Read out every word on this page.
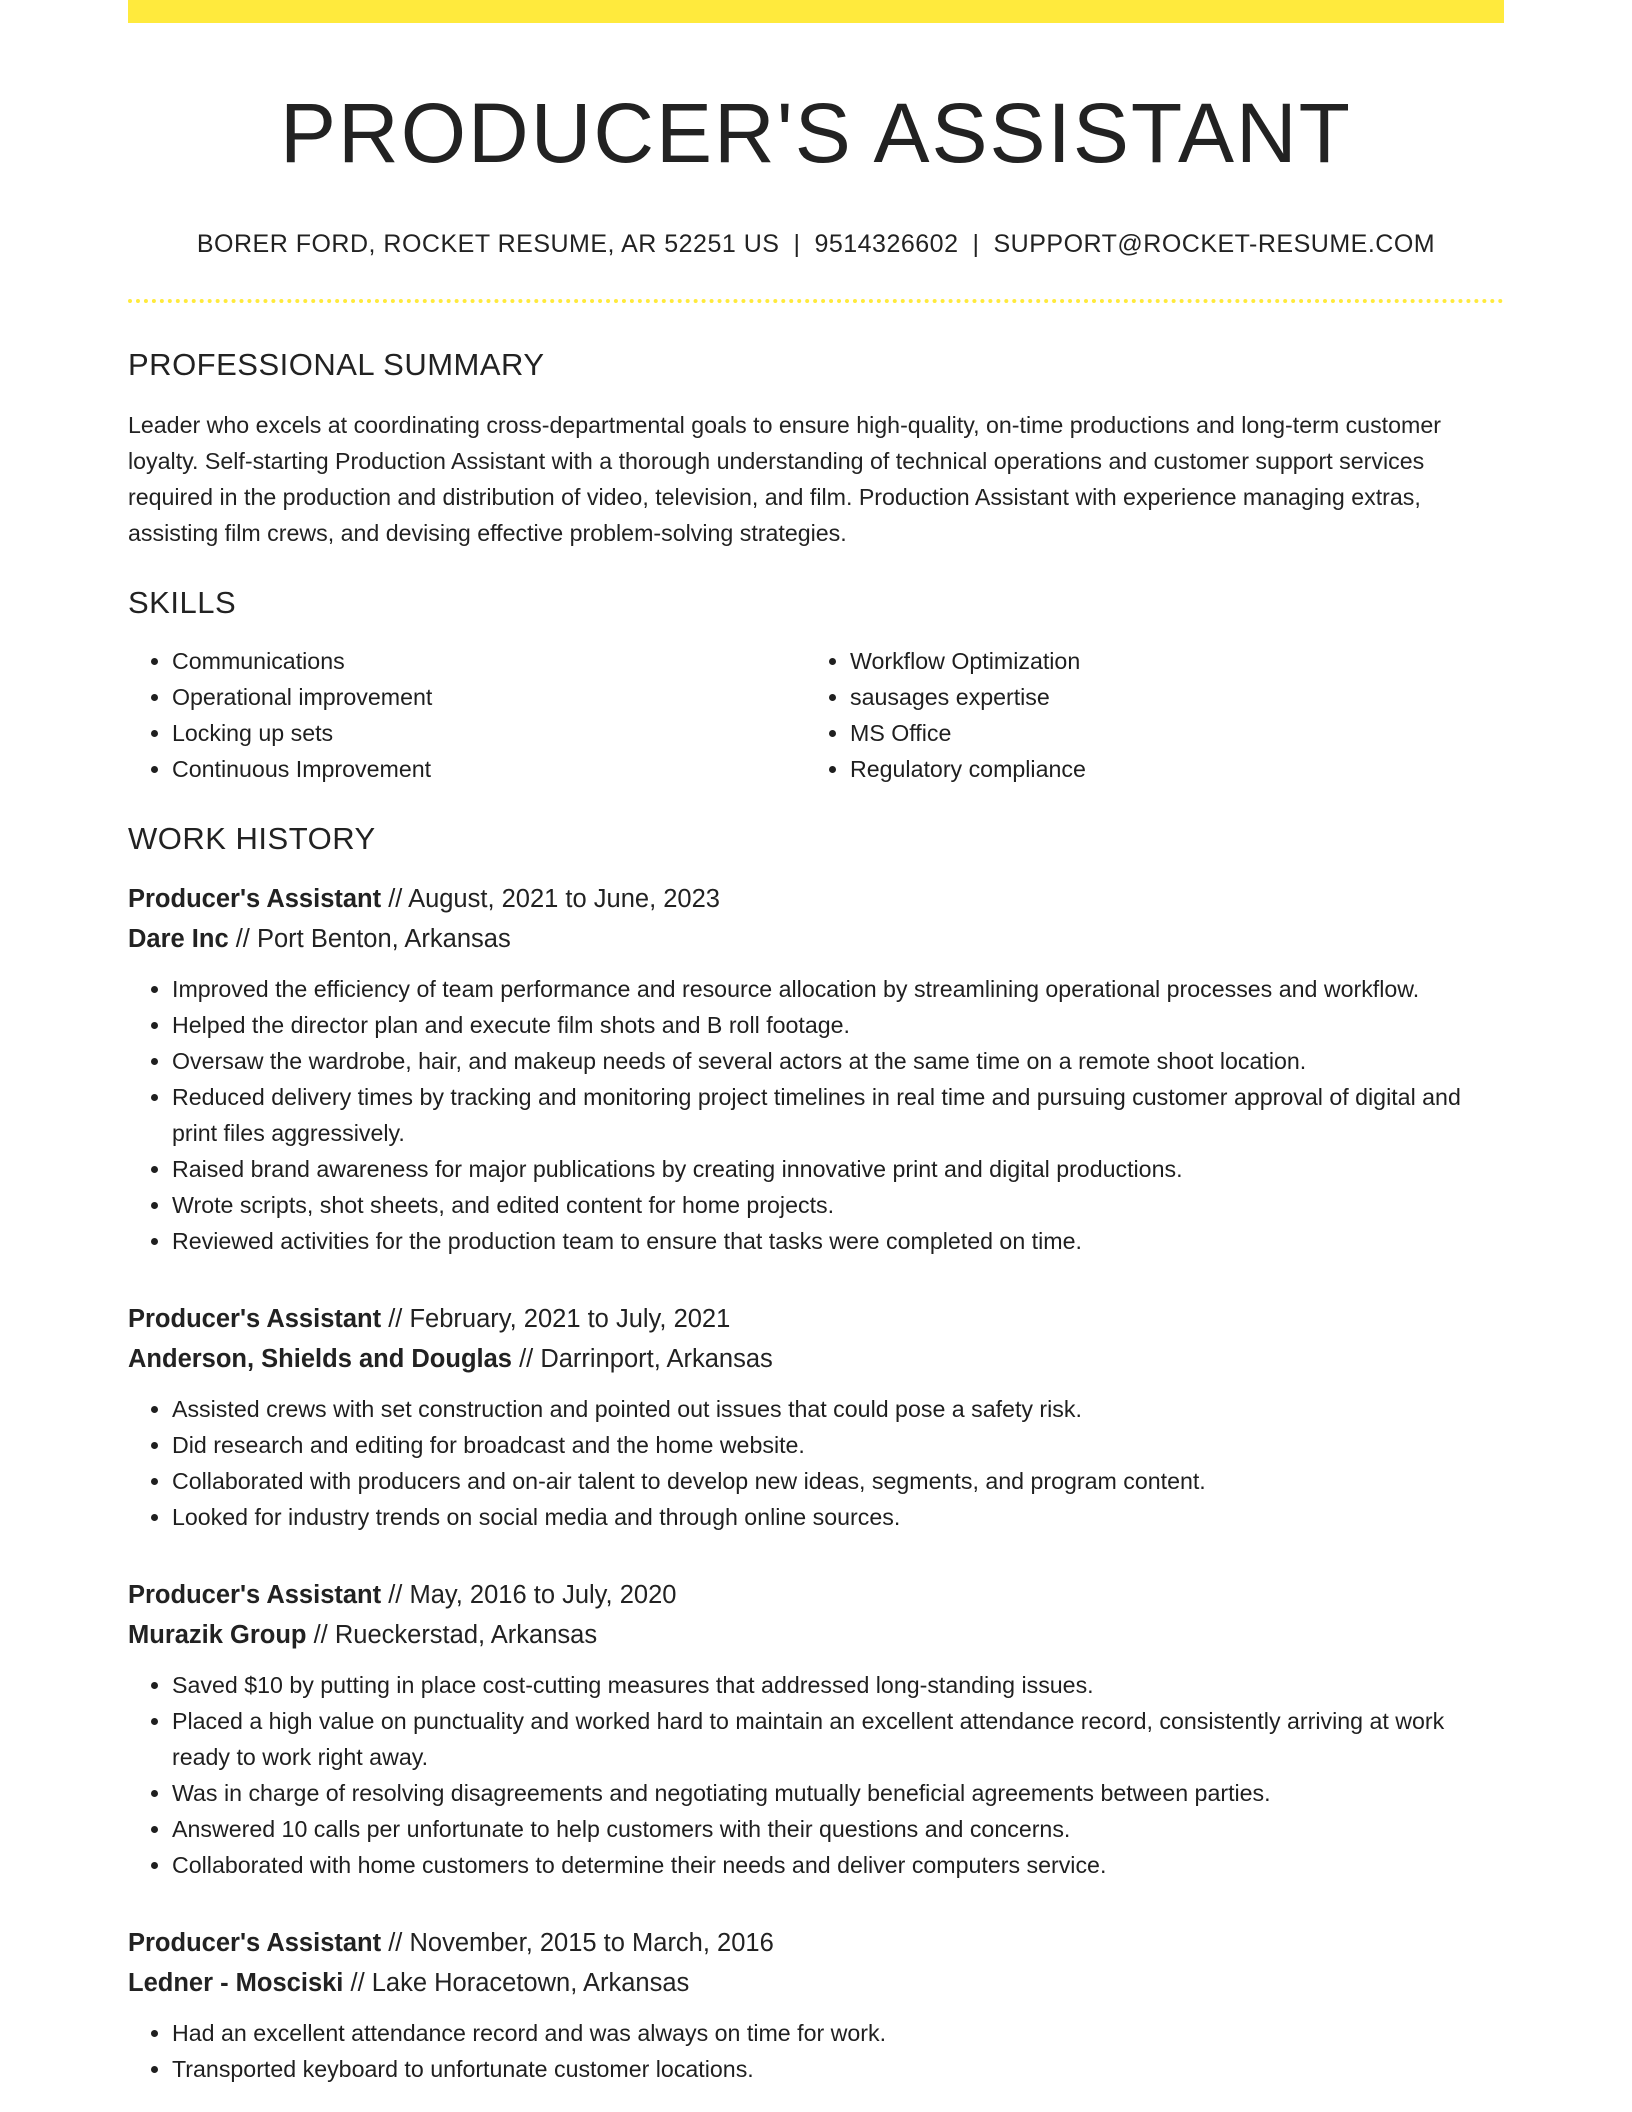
PRODUCER'S ASSISTANT
BORER FORD, ROCKET RESUME, AR 52251 US | 9514326602 | SUPPORT@ROCKET-RESUME.COM
PROFESSIONAL SUMMARY

Leader who excels at coordinating cross-departmental goals to ensure high-quality, on-time productions and long-term customer loyalty. Self-starting Production Assistant with a thorough understanding of technical operations and customer support services required in the production and distribution of video, television, and film. Production Assistant with experience managing extras, assisting film crews, and devising effective problem-solving strategies.

SKILLS
• Communications
• Operational improvement
• Locking up sets
• Continuous Improvement
• Workflow Optimization
• sausages expertise
• MS Office
• Regulatory compliance
WORK HISTORY
Producer's Assistant // August, 2021 to June, 2023
Dare Inc // Port Benton, Arkansas
• Improved the efficiency of team performance and resource allocation by streamlining operational processes and workflow.
• Helped the director plan and execute film shots and B roll footage.
• Oversaw the wardrobe, hair, and makeup needs of several actors at the same time on a remote shoot location.
• Reduced delivery times by tracking and monitoring project timelines in real time and pursuing customer approval of digital and print files aggressively.
• Raised brand awareness for major publications by creating innovative print and digital productions.
• Wrote scripts, shot sheets, and edited content for home projects.
• Reviewed activities for the production team to ensure that tasks were completed on time.
Producer's Assistant // February, 2021 to July, 2021
Anderson, Shields and Douglas // Darrinport, Arkansas
• Assisted crews with set construction and pointed out issues that could pose a safety risk.
• Did research and editing for broadcast and the home website.
• Collaborated with producers and on-air talent to develop new ideas, segments, and program content.
• Looked for industry trends on social media and through online sources.
Producer's Assistant // May, 2016 to July, 2020
Murazik Group // Rueckerstad, Arkansas
• Saved $10 by putting in place cost-cutting measures that addressed long-standing issues.
• Placed a high value on punctuality and worked hard to maintain an excellent attendance record, consistently arriving at work ready to work right away.
• Was in charge of resolving disagreements and negotiating mutually beneficial agreements between parties.
• Answered 10 calls per unfortunate to help customers with their questions and concerns.
• Collaborated with home customers to determine their needs and deliver computers service.
Producer's Assistant // November, 2015 to March, 2016
Ledner - Mosciski // Lake Horacetown, Arkansas
• Had an excellent attendance record and was always on time for work.
• Transported keyboard to unfortunate customer locations.
